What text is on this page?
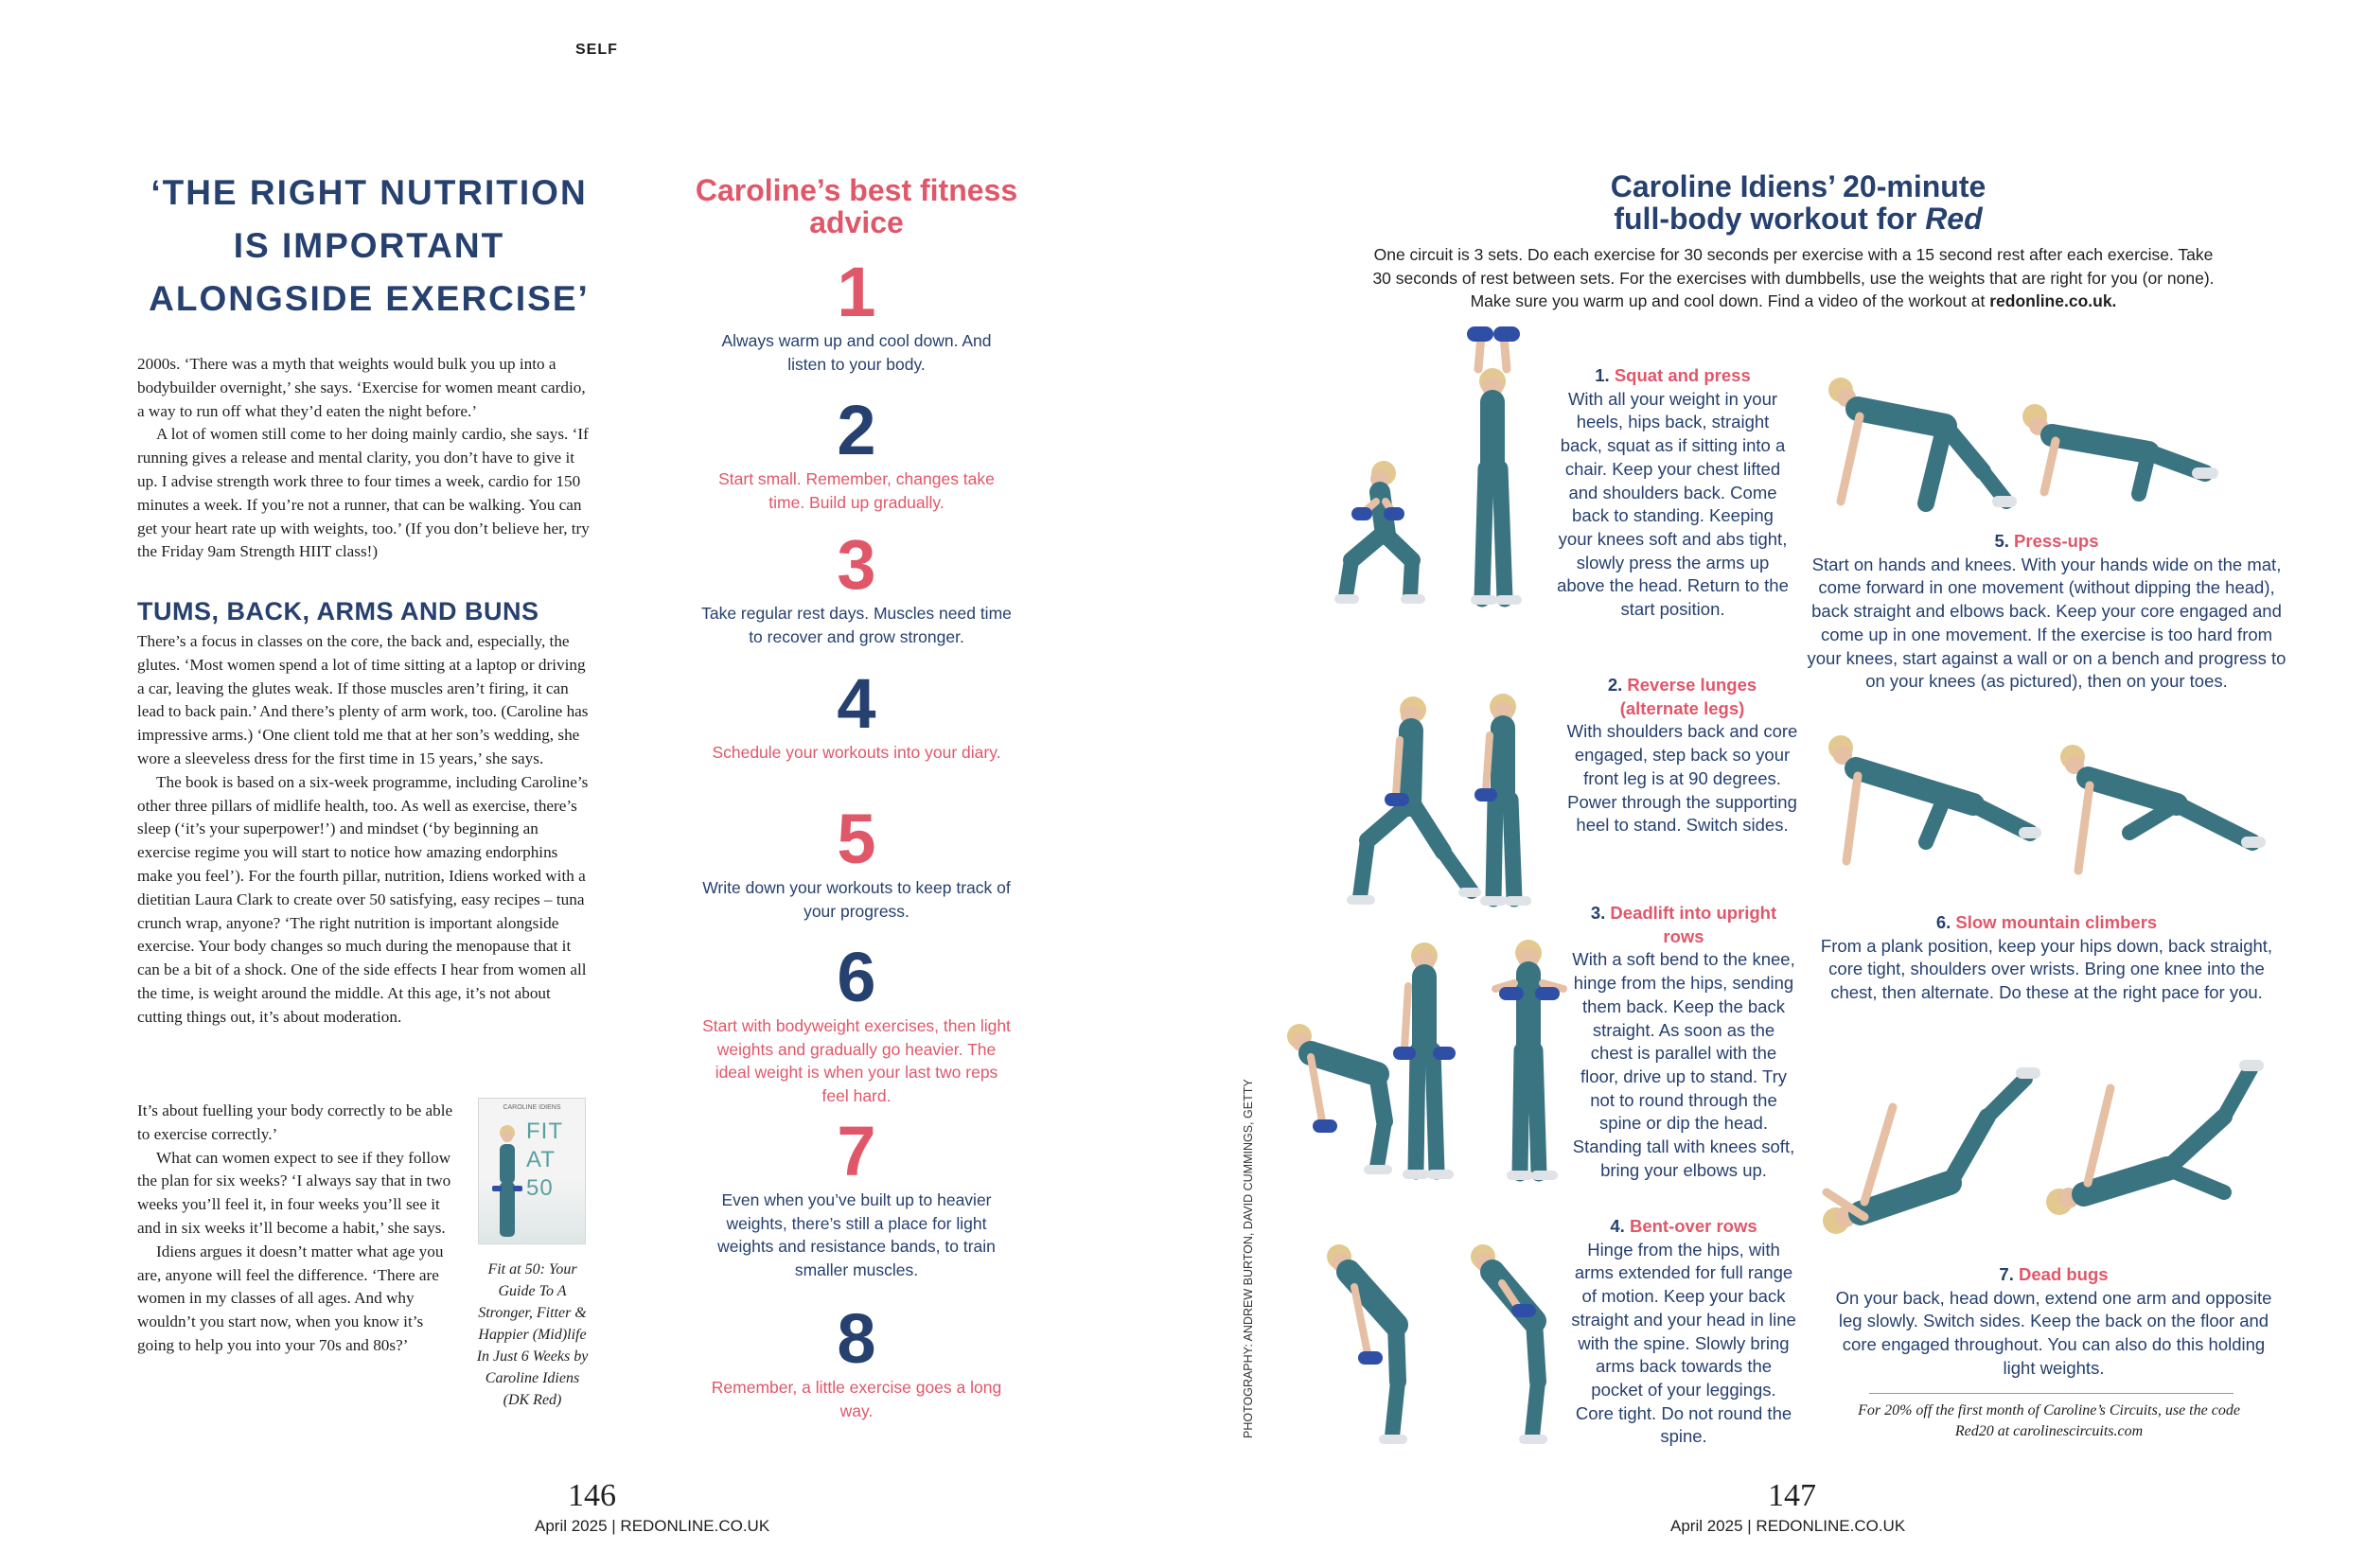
SELF
‘THE RIGHT NUTRITION IS IMPORTANT ALONGSIDE EXERCISE’

2000s. ‘There was a myth that weights would bulk you up into a bodybuilder overnight,’ she says. ‘Exercise for women meant cardio, a way to run off what they’d eaten the night before.’

A lot of women still come to her doing mainly cardio, she says. ‘If running gives a release and mental clarity, you don’t have to give it up. I advise strength work three to four times a week, cardio for 150 minutes a week. If you’re not a runner, that can be walking. You can get your heart rate up with weights, too.’ (If you don’t believe her, try the Friday 9am Strength HIIT class!)

TUMS, BACK, ARMS AND BUNS

There’s a focus in classes on the core, the back and, especially, the glutes. ‘Most women spend a lot of time sitting at a laptop or driving a car, leaving the glutes weak. If those muscles aren’t firing, it can lead to back pain.’ And there’s plenty of arm work, too. (Caroline has impressive arms.) ‘One client told me that at her son’s wedding, she wore a sleeveless dress for the first time in 15 years,’ she says.

The book is based on a six-week programme, including Caroline’s other three pillars of midlife health, too. As well as exercise, there’s sleep (‘it’s your superpower!’) and mindset (‘by beginning an exercise regime you will start to notice how amazing endorphins make you feel’). For the fourth pillar, nutrition, Idiens worked with a dietitian Laura Clark to create over 50 satisfying, easy recipes – tuna crunch wrap, anyone? ‘The right nutrition is important alongside exercise. Your body changes so much during the menopause that it can be a bit of a shock. One of the side effects I hear from women all the time, is weight around the middle. At this age, it’s not about cutting things out, it’s about moderation.

It’s about fuelling your body correctly to be able to exercise correctly.’

What can women expect to see if they follow the plan for six weeks? ‘I always say that in two weeks you’ll feel it, in four weeks you’ll see it and in six weeks it’ll become a habit,’ she says.

Idiens argues it doesn’t matter what age you are, anyone will feel the difference. ‘There are women in my classes of all ages. And why wouldn’t you start now, when you know it’s going to help you into your 70s and 80s?’

CAROLINE IDIENS
FIT
AT
50
Fit at 50: Your Guide To A Stronger, Fitter & Happier (Mid)life In Just 6 Weeks by Caroline Idiens (DK Red)
Caroline’s best fitness advice
1
Always warm up and cool down. And listen to your body.
2
Start small. Remember, changes take time. Build up gradually.
3
Take regular rest days. Muscles need time to recover and grow stronger.
4
Schedule your workouts into your diary.
5
Write down your workouts to keep track of your progress.
6
Start with bodyweight exercises, then light weights and gradually go heavier. The ideal weight is when your last two reps feel hard.
7
Even when you’ve built up to heavier weights, there’s still a place for light weights and resistance bands, to train smaller muscles.
8
Remember, a little exercise goes a long way.
146
April 2025 | REDONLINE.CO.UK
Caroline Idiens’ 20-minute
full-body workout for Red
One circuit is 3 sets. Do each exercise for 30 seconds per exercise with a 15 second rest after each exercise. Take 30 seconds of rest between sets. For the exercises with dumbbells, use the weights that are right for you (or none). Make sure you warm up and cool down. Find a video of the workout at redonline.co.uk.
1. Squat and press
With all your weight in your heels, hips back, straight back, squat as if sitting into a chair. Keep your chest lifted and shoulders back. Come back to standing. Keeping your knees soft and abs tight, slowly press the arms up above the head. Return to the start position.
2. Reverse lunges (alternate legs)
With shoulders back and core engaged, step back so your front leg is at 90 degrees. Power through the supporting heel to stand. Switch sides.
3. Deadlift into upright rows
With a soft bend to the knee, hinge from the hips, sending them back. Keep the back straight. As soon as the chest is parallel with the floor, drive up to stand. Try not to round through the spine or dip the head. Standing tall with knees soft, bring your elbows up.
4. Bent-over rows
Hinge from the hips, with arms extended for full range of motion. Keep your back straight and your head in line with the spine. Slowly bring arms back towards the pocket of your leggings. Core tight. Do not round the spine.
5. Press-ups
Start on hands and knees. With your hands wide on the mat, come forward in one movement (without dipping the head), back straight and elbows back. Keep your core engaged and come up in one movement. If the exercise is too hard from your knees, start against a wall or on a bench and progress to on your knees (as pictured), then on your toes.
6. Slow mountain climbers
From a plank position, keep your hips down, back straight, core tight, shoulders over wrists. Bring one knee into the chest, then alternate. Do these at the right pace for you.
7. Dead bugs
On your back, head down, extend one arm and opposite leg slowly. Switch sides. Keep the back on the floor and core engaged throughout. You can also do this holding light weights.
PHOTOGRAPHY: ANDREW BURTON, DAVID CUMMINGS, GETTY	For 20% off the first month of Caroline’s Circuits, use the code Red20 at carolinescircuits.com
147
April 2025 | REDONLINE.CO.UK
